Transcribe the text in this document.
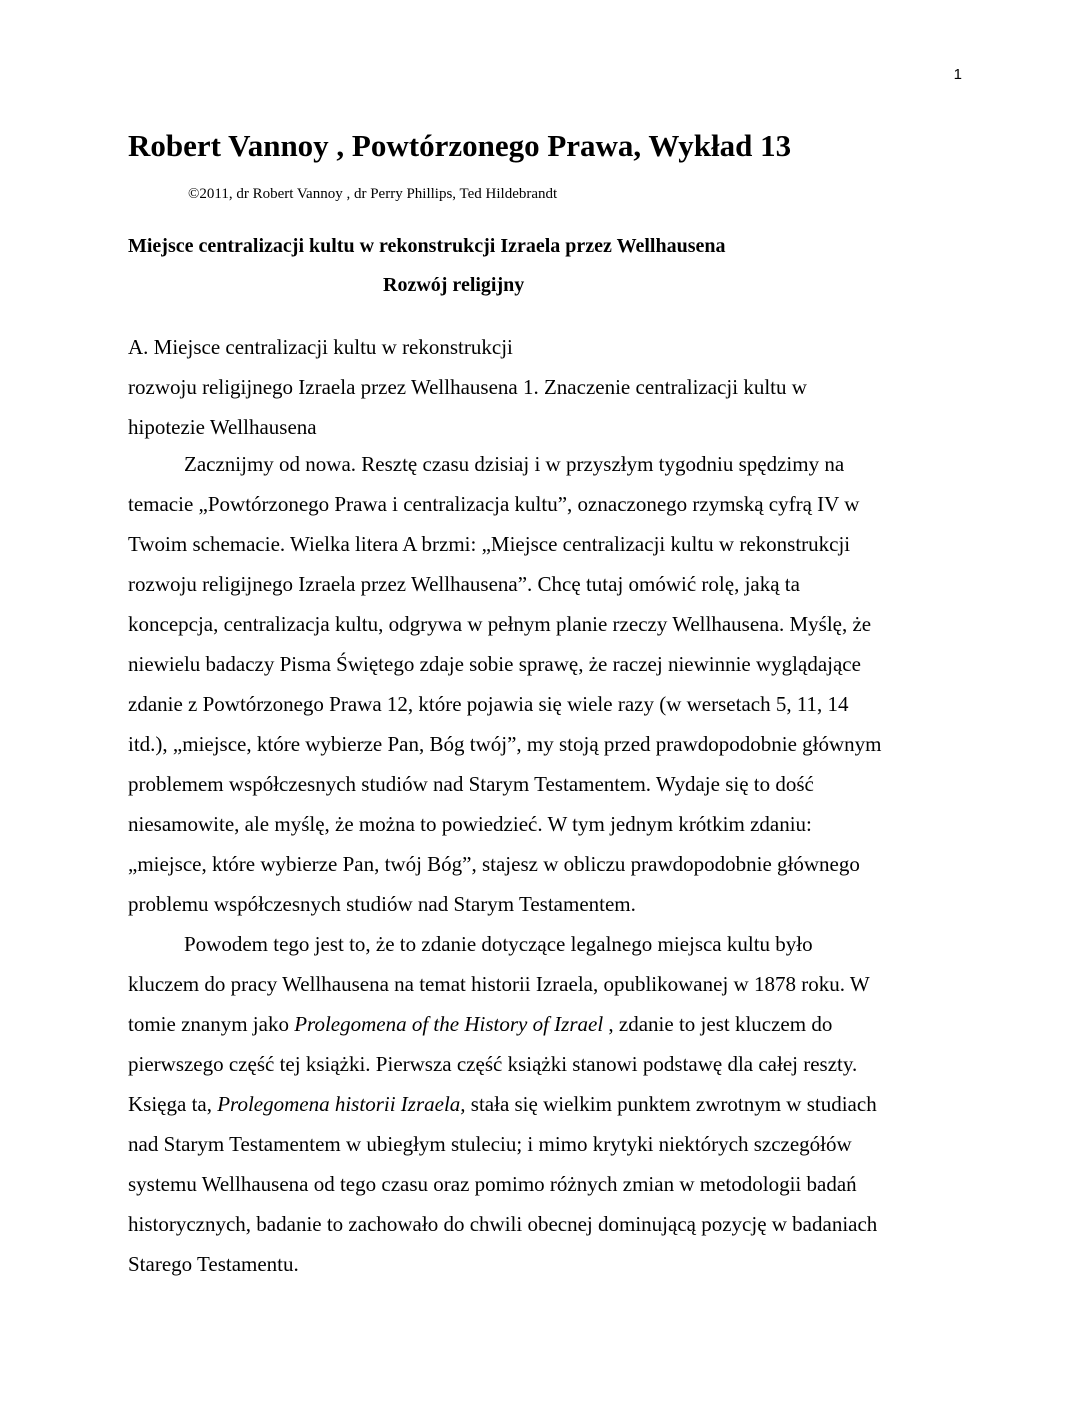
1
Robert Vannoy , Powtórzonego Prawa, Wykład 13
©2011, dr Robert Vannoy , dr Perry Phillips, Ted Hildebrandt
Miejsce centralizacji kultu w rekonstrukcji Izraela przez Wellhausena
Rozwój religijny
A. Miejsce centralizacji kultu w rekonstrukcji
rozwoju religijnego Izraela przez Wellhausena 1. Znaczenie centralizacji kultu w
hipotezie Wellhausena
Zacznijmy od nowa. Resztę czasu dzisiaj i w przyszłym tygodniu spędzimy na
temacie „Powtórzonego Prawa i centralizacja kultu”, oznaczonego rzymską cyfrą IV w
Twoim schemacie. Wielka litera A brzmi: „Miejsce centralizacji kultu w rekonstrukcji
rozwoju religijnego Izraela przez Wellhausena”. Chcę tutaj omówić rolę, jaką ta
koncepcja, centralizacja kultu, odgrywa w pełnym planie rzeczy Wellhausena. Myślę, że
niewielu badaczy Pisma Świętego zdaje sobie sprawę, że raczej niewinnie wyglądające
zdanie z Powtórzonego Prawa 12, które pojawia się wiele razy (w wersetach 5, 11, 14
itd.), „miejsce, które wybierze Pan, Bóg twój”, my stoją przed prawdopodobnie głównym
problemem współczesnych studiów nad Starym Testamentem. Wydaje się to dość
niesamowite, ale myślę, że można to powiedzieć. W tym jednym krótkim zdaniu:
„miejsce, które wybierze Pan, twój Bóg”, stajesz w obliczu prawdopodobnie głównego
problemu współczesnych studiów nad Starym Testamentem.
Powodem tego jest to, że to zdanie dotyczące legalnego miejsca kultu było
kluczem do pracy Wellhausena na temat historii Izraela, opublikowanej w 1878 roku. W
tomie znanym jako Prolegomena of the History of Izrael , zdanie to jest kluczem do
pierwszego część tej książki. Pierwsza część książki stanowi podstawę dla całej reszty.
Księga ta, Prolegomena historii Izraela, stała się wielkim punktem zwrotnym w studiach
nad Starym Testamentem w ubiegłym stuleciu; i mimo krytyki niektórych szczegółów
systemu Wellhausena od tego czasu oraz pomimo różnych zmian w metodologii badań
historycznych, badanie to zachowało do chwili obecnej dominującą pozycję w badaniach
Starego Testamentu.
